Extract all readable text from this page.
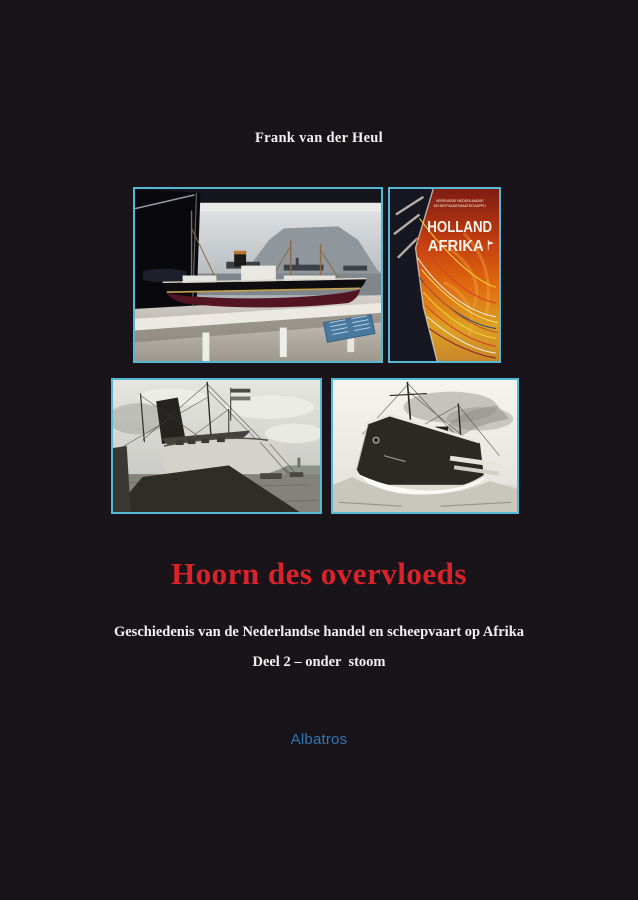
Frank van der Heul
VERENIGDE NEDERLANDSE
SCHEEPVAARTMAATSCHAPPIJ
HOLLAND
AFRIKA
Hoorn des overvloeds
Geschiedenis van de Nederlandse handel en scheepvaart op Afrika
Deel 2 – onder  stoom
Albatros
